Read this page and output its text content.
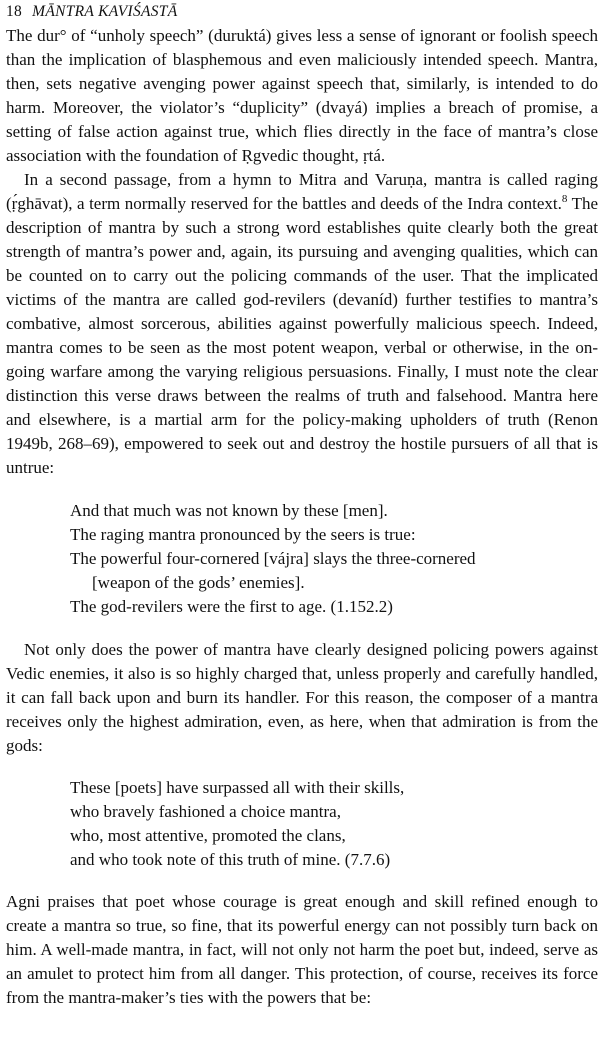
18 MĀNTRA KAVIŚASTĀ

The dur° of “unholy speech” (duruktá) gives less a sense of ignorant or foolish speech than the implication of blasphemous and even maliciously intended speech. Mantra, then, sets negative avenging power against speech that, similarly, is intended to do harm. Moreover, the violator’s “duplicity” (dvayá) implies a breach of promise, a setting of false action against true, which flies directly in the face of mantra’s close association with the foundation of Ṛgvedic thought, ṛtá.

In a second passage, from a hymn to Mitra and Varuṇa, mantra is called raging (ṛ́ghāvat), a term normally reserved for the battles and deeds of the Indra context.$^8$ The description of mantra by such a strong word establishes quite clearly both the great strength of mantra’s power and, again, its pursuing and avenging qualities, which can be counted on to carry out the policing commands of the user. That the implicated victims of the mantra are called god-revilers (devaníd) further testifies to mantra’s combative, almost sorcerous, abilities against powerfully malicious speech. Indeed, mantra comes to be seen as the most potent weapon, verbal or otherwise, in the on-going warfare among the varying religious persuasions. Finally, I must note the clear distinction this verse draws between the realms of truth and falsehood. Mantra here and elsewhere, is a martial arm for the policy-making upholders of truth (Renon 1949b, 268–69), empowered to seek out and destroy the hostile pursuers of all that is untrue:

And that much was not known by these [men].
The raging mantra pronounced by the seers is true:
The powerful four-cornered [vájra] slays the three-cornered
[weapon of the gods’ enemies].
The god-revilers were the first to age. (1.152.2)

Not only does the power of mantra have clearly designed policing powers against Vedic enemies, it also is so highly charged that, unless properly and carefully handled, it can fall back upon and burn its handler. For this reason, the composer of a mantra receives only the highest admiration, even, as here, when that admiration is from the gods:

These [poets] have surpassed all with their skills,
who bravely fashioned a choice mantra,
who, most attentive, promoted the clans,
and who took note of this truth of mine. (7.7.6)

Agni praises that poet whose courage is great enough and skill refined enough to create a mantra so true, so fine, that its powerful energy can not possibly turn back on him. A well-made mantra, in fact, will not only not harm the poet but, indeed, serve as an amulet to protect him from all danger. This protection, of course, receives its force from the mantra-maker’s ties with the powers that be:
